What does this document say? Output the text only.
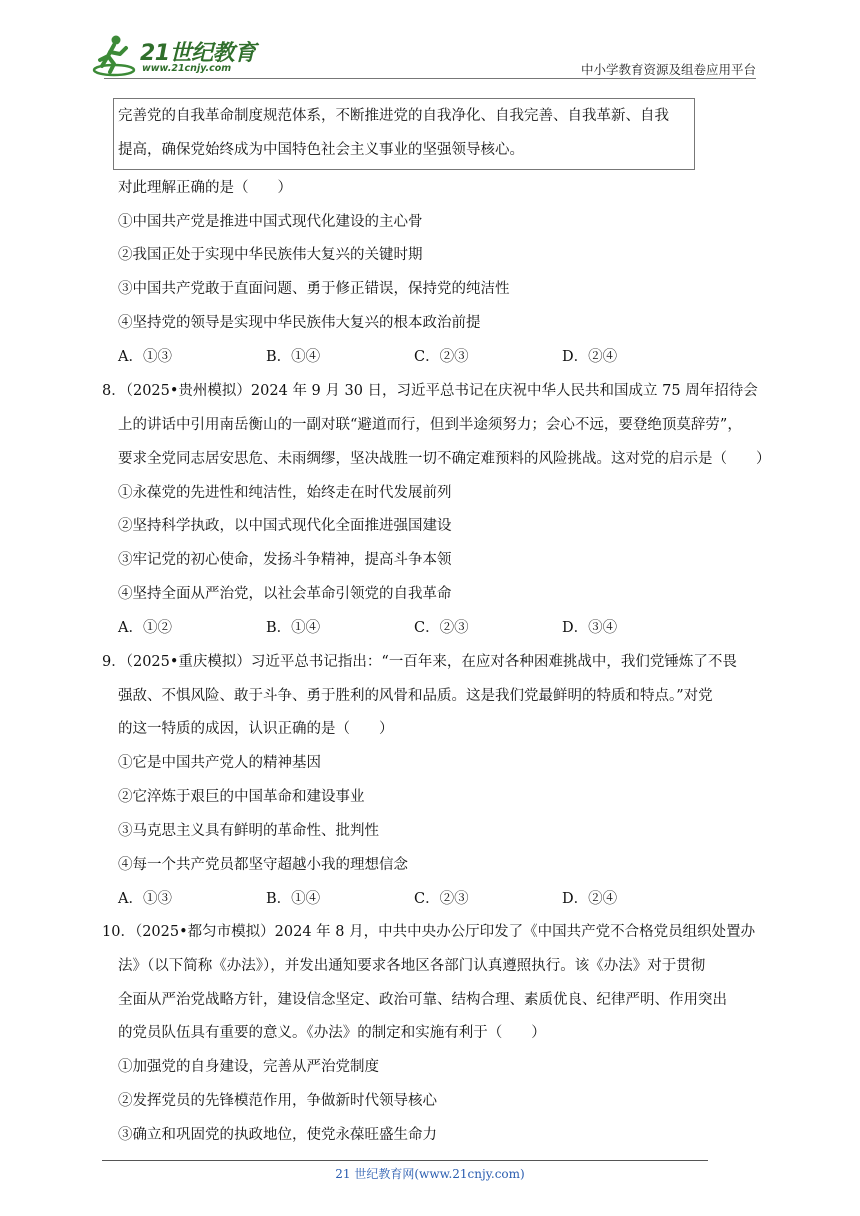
21世纪教育
www.21cnjy.com	中小学教育资源及组卷应用平台
完善党的自我革命制度规范体系，不断推进党的自我净化、自我完善、自我革新、自我
提高，确保党始终成为中国特色社会主义事业的坚强领导核心。
对此理解正确的是（　　）
①中国共产党是推进中国式现代化建设的主心骨
②我国正处于实现中华民族伟大复兴的关键时期
③中国共产党敢于直面问题、勇于修正错误，保持党的纯洁性
④坚持党的领导是实现中华民族伟大复兴的根本政治前提
A．①③	B．①④	C．②③	D．②④
8．（2025•贵州模拟）2024 年 9 月 30 日，习近平总书记在庆祝中华人民共和国成立 75 周年招待会
上的讲话中引用南岳衡山的一副对联“避道而行，但到半途须努力；会心不远，要登绝顶莫辞劳”，
要求全党同志居安思危、未雨绸缪，坚决战胜一切不确定难预料的风险挑战。这对党的启示是（　　）
①永葆党的先进性和纯洁性，始终走在时代发展前列
②坚持科学执政，以中国式现代化全面推进强国建设
③牢记党的初心使命，发扬斗争精神，提高斗争本领
④坚持全面从严治党，以社会革命引领党的自我革命
A．①②	B．①④	C．②③	D．③④
9．（2025•重庆模拟）习近平总书记指出：“一百年来，在应对各种困难挑战中，我们党锤炼了不畏
强敌、不惧风险、敢于斗争、勇于胜利的风骨和品质。这是我们党最鲜明的特质和特点。”对党
的这一特质的成因，认识正确的是（　　）
①它是中国共产党人的精神基因
②它淬炼于艰巨的中国革命和建设事业
③马克思主义具有鲜明的革命性、批判性
④每一个共产党员都坚守超越小我的理想信念
A．①③	B．①④	C．②③	D．②④
10．（2025•都匀市模拟）2024 年 8 月，中共中央办公厅印发了《中国共产党不合格党员组织处置办
法》（以下简称《办法》），并发出通知要求各地区各部门认真遵照执行。该《办法》对于贯彻
全面从严治党战略方针，建设信念坚定、政治可靠、结构合理、素质优良、纪律严明、作用突出
的党员队伍具有重要的意义。《办法》的制定和实施有利于（　　）
①加强党的自身建设，完善从严治党制度
②发挥党员的先锋模范作用，争做新时代领导核心
③确立和巩固党的执政地位，使党永葆旺盛生命力
21 世纪教育网(www.21cnjy.com)
